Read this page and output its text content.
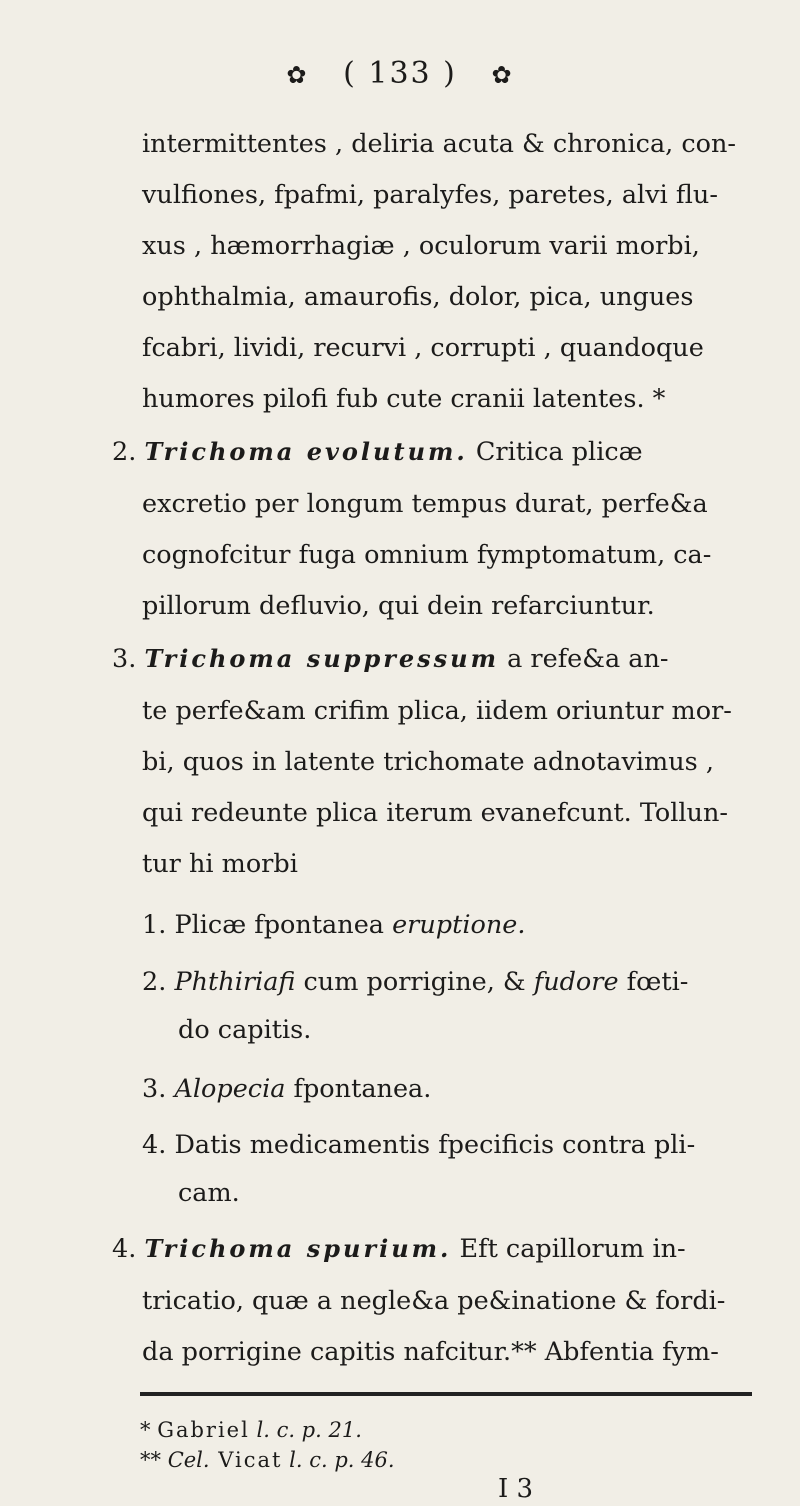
✿ ( 133 ) ✿
intermittentes , deliria acuta & chronica, con-
vulfiones, fpafmi, paralyfes, paretes, alvi flu-
xus , hæmorrhagiæ , oculorum varii morbi,
ophthalmia, amaurofis, dolor, pica, ungues
fcabri, lividi, recurvi , corrupti , quandoque
humores pilofi fub cute cranii latentes. *
2. Trichoma evolutum. Critica plicæ
excretio per longum tempus durat, perfe&a
cognofcitur fuga omnium fymptomatum, ca-
pillorum defluvio, qui dein refarciuntur.
3. Trichoma suppressum a refe&a an-
te perfe&am crifim plica, iidem oriuntur mor-
bi, quos in latente trichomate adnotavimus ,
qui redeunte plica iterum evanefcunt. Tollun-
tur hi morbi
1. Plicæ fpontanea eruptione.
2. Phthiriafi cum porrigine, & fudore fœti-
do capitis.
3. Alopecia fpontanea.
4. Datis medicamentis fpecificis contra pli-
cam.
4. Trichoma spurium. Eft capillorum in-
tricatio, quæ a negle&a pe&inatione & fordi-
da porrigine capitis nafcitur.** Abfentia fym-
* Gabriel l. c. p. 21.
** Cel. Vicat l. c. p. 46.
I 3
